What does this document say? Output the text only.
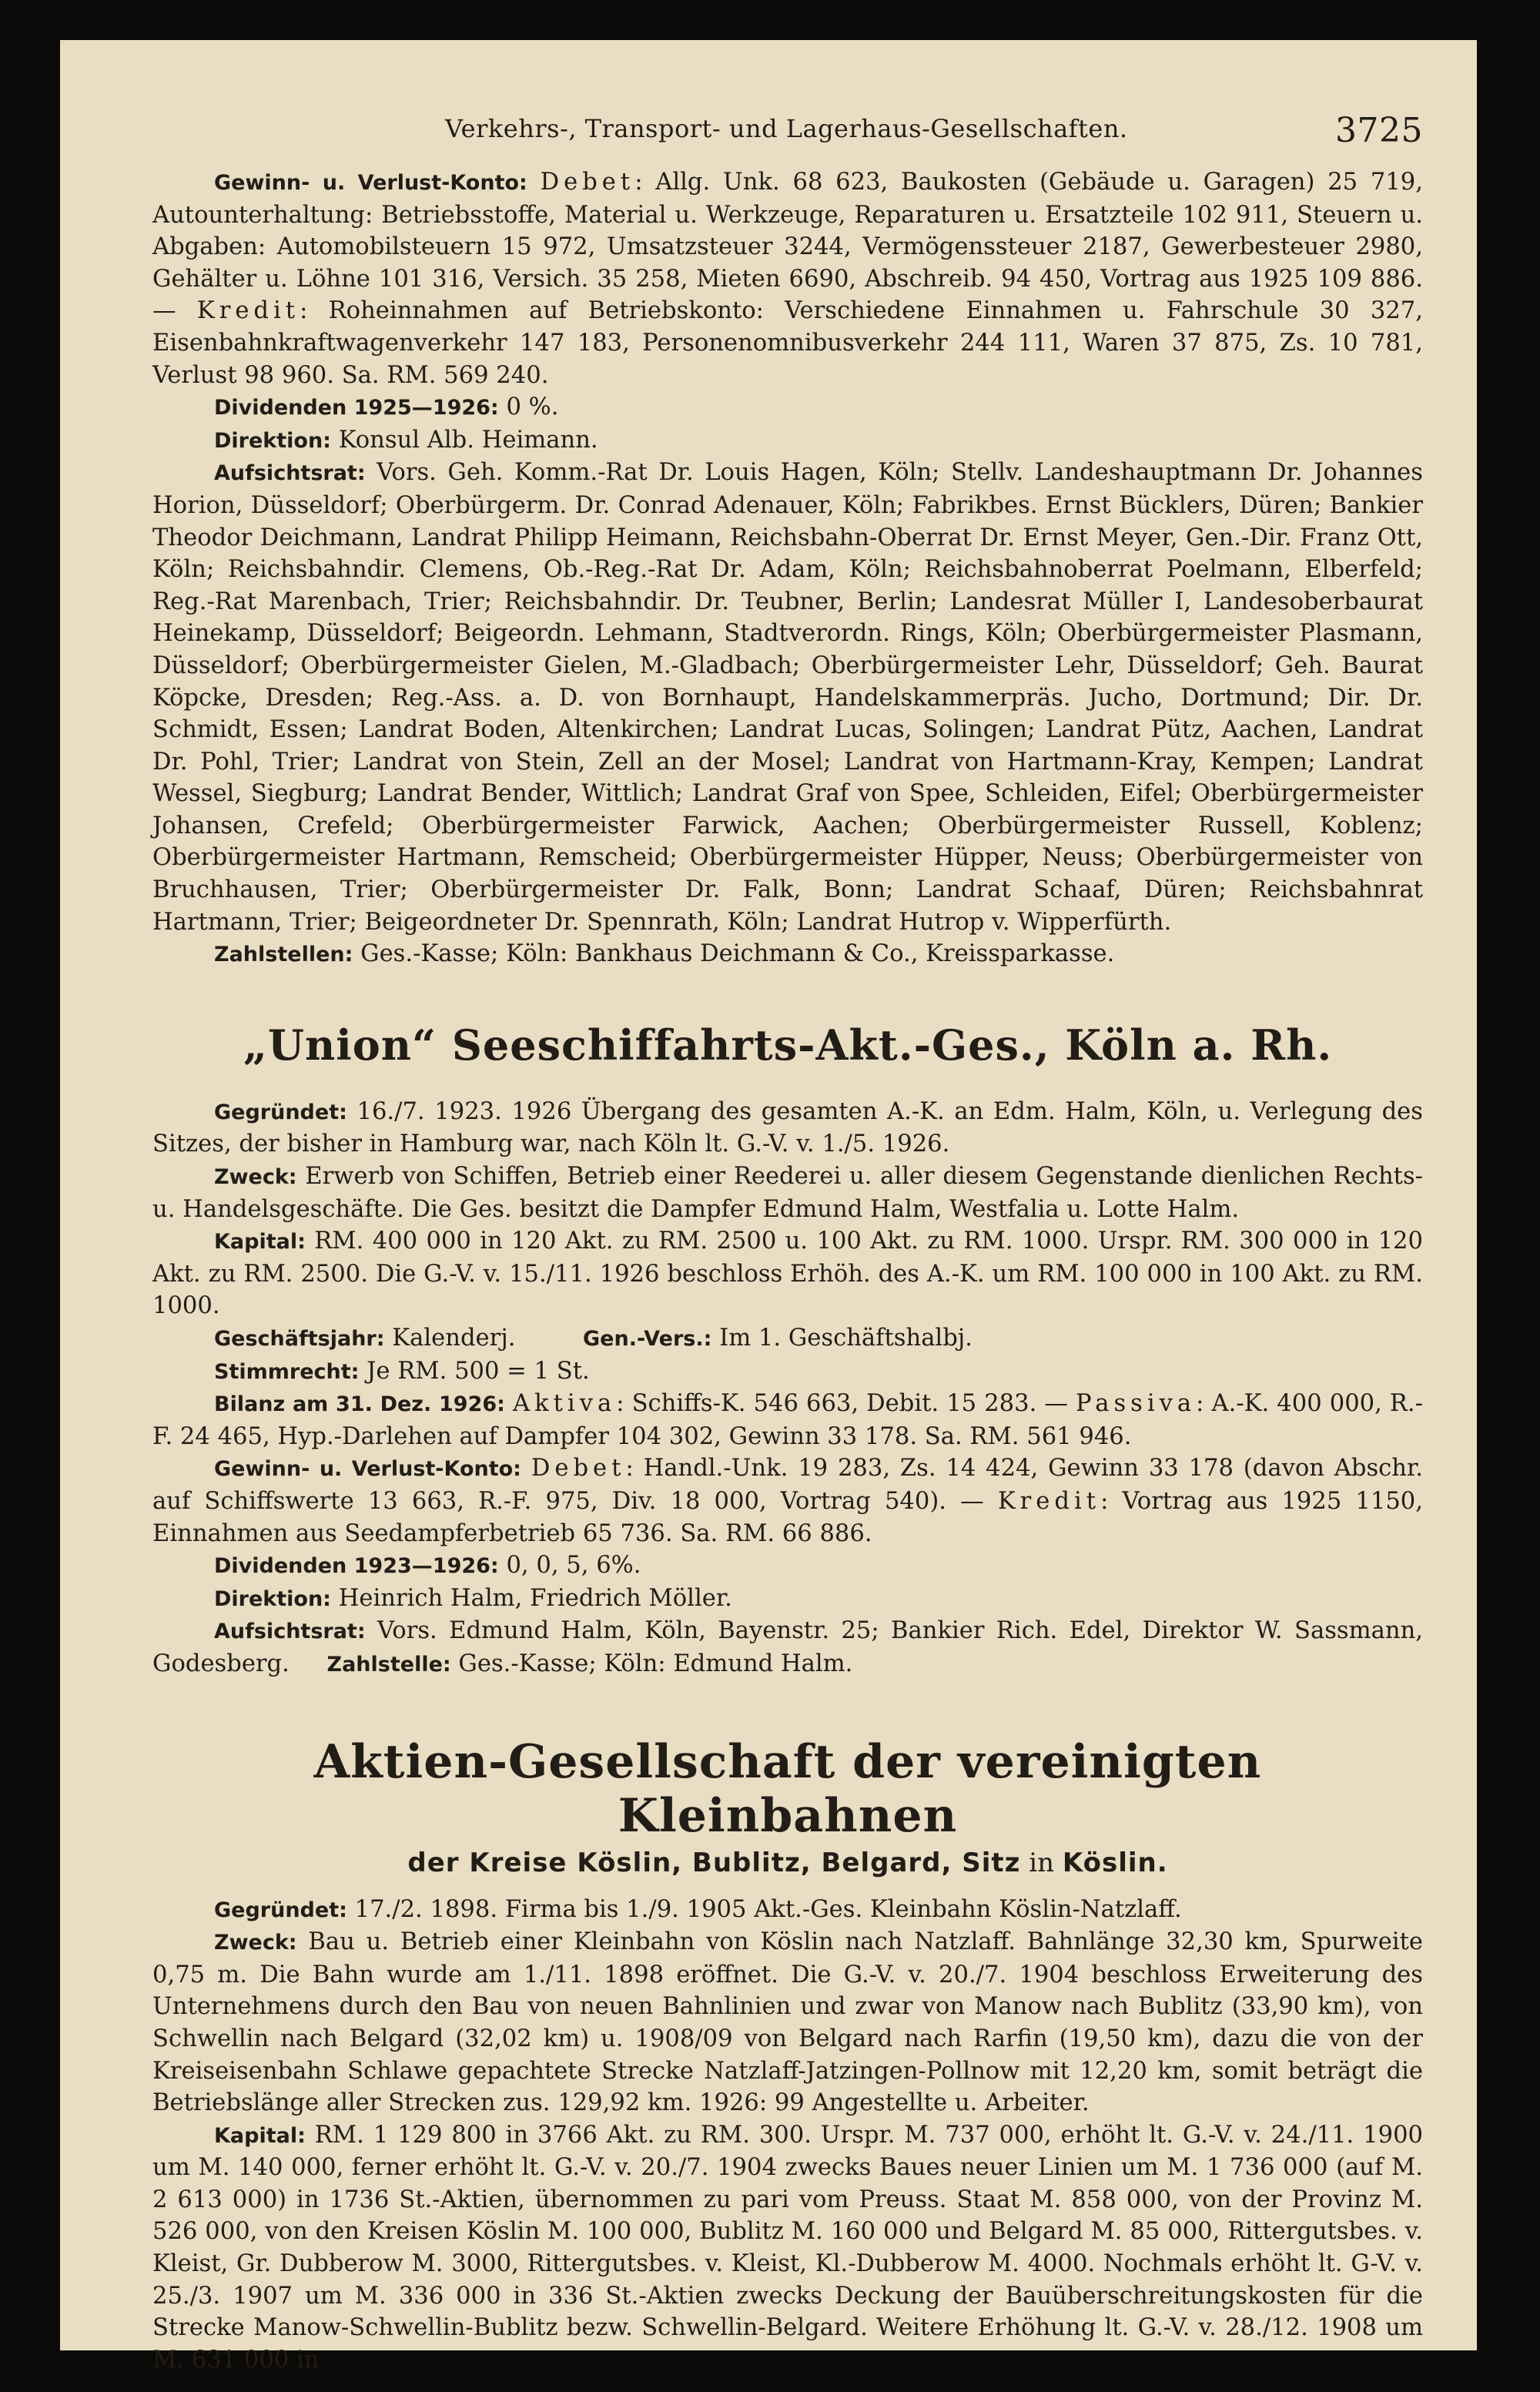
Verkehrs-, Transport- und Lagerhaus-Gesellschaften.	3725

Gewinn- u. Verlust-Konto: Debet: Allg. Unk. 68 623, Baukosten (Gebäude u. Garagen) 25 719, Autounterhaltung: Betriebsstoffe, Material u. Werkzeuge, Reparaturen u. Ersatzteile 102 911, Steuern u. Abgaben: Automobilsteuern 15 972, Umsatzsteuer 3244, Vermögenssteuer 2187, Gewerbesteuer 2980, Gehälter u. Löhne 101 316, Versich. 35 258, Mieten 6690, Abschreib. 94 450, Vortrag aus 1925 109 886. — Kredit: Roheinnahmen auf Betriebskonto: Verschiedene Einnahmen u. Fahrschule 30 327, Eisenbahnkraftwagenverkehr 147 183, Personenomnibusverkehr 244 111, Waren 37 875, Zs. 10 781, Verlust 98 960. Sa. RM. 569 240.

Dividenden 1925—1926: 0 %.

Direktion: Konsul Alb. Heimann.

Aufsichtsrat: Vors. Geh. Komm.-Rat Dr. Louis Hagen, Köln; Stellv. Landeshauptmann Dr. Johannes Horion, Düsseldorf; Oberbürgerm. Dr. Conrad Adenauer, Köln; Fabrikbes. Ernst Bücklers, Düren; Bankier Theodor Deichmann, Landrat Philipp Heimann, Reichsbahn-Oberrat Dr. Ernst Meyer, Gen.-Dir. Franz Ott, Köln; Reichsbahndir. Clemens, Ob.-Reg.-Rat Dr. Adam, Köln; Reichsbahnoberrat Poelmann, Elberfeld; Reg.-Rat Marenbach, Trier; Reichsbahndir. Dr. Teubner, Berlin; Landesrat Müller I, Landesoberbaurat Heinekamp, Düsseldorf; Beigeordn. Lehmann, Stadtverordn. Rings, Köln; Oberbürgermeister Plasmann, Düsseldorf; Oberbürgermeister Gielen, M.-Gladbach; Oberbürgermeister Lehr, Düsseldorf; Geh. Baurat Köpcke, Dresden; Reg.-Ass. a. D. von Bornhaupt, Handelskammerpräs. Jucho, Dortmund; Dir. Dr. Schmidt, Essen; Landrat Boden, Altenkirchen; Landrat Lucas, Solingen; Landrat Pütz, Aachen, Landrat Dr. Pohl, Trier; Landrat von Stein, Zell an der Mosel; Landrat von Hartmann-Kray, Kempen; Landrat Wessel, Siegburg; Landrat Bender, Wittlich; Landrat Graf von Spee, Schleiden, Eifel; Oberbürgermeister Johansen, Crefeld; Oberbürgermeister Farwick, Aachen; Oberbürgermeister Russell, Koblenz; Oberbürgermeister Hartmann, Remscheid; Oberbürgermeister Hüpper, Neuss; Oberbürgermeister von Bruchhausen, Trier; Oberbürgermeister Dr. Falk, Bonn; Landrat Schaaf, Düren; Reichsbahnrat Hartmann, Trier; Beigeordneter Dr. Spennrath, Köln; Landrat Hutrop v. Wipperfürth.

Zahlstellen: Ges.-Kasse; Köln: Bankhaus Deichmann & Co., Kreissparkasse.

„Union“ Seeschiffahrts-Akt.-Ges., Köln a. Rh.

Gegründet: 16./7. 1923. 1926 Übergang des gesamten A.-K. an Edm. Halm, Köln, u. Verlegung des Sitzes, der bisher in Hamburg war, nach Köln lt. G.-V. v. 1./5. 1926.

Zweck: Erwerb von Schiffen, Betrieb einer Reederei u. aller diesem Gegenstande dienlichen Rechts- u. Handelsgeschäfte. Die Ges. besitzt die Dampfer Edmund Halm, Westfalia u. Lotte Halm.

Kapital: RM. 400 000 in 120 Akt. zu RM. 2500 u. 100 Akt. zu RM. 1000. Urspr. RM. 300 000 in 120 Akt. zu RM. 2500. Die G.-V. v. 15./11. 1926 beschloss Erhöh. des A.-K. um RM. 100 000 in 100 Akt. zu RM. 1000.

Geschäftsjahr: Kalenderj.	Gen.-Vers.: Im 1. Geschäftshalbj.

Stimmrecht: Je RM. 500 = 1 St.

Bilanz am 31. Dez. 1926: Aktiva: Schiffs-K. 546 663, Debit. 15 283. — Passiva: A.-K. 400 000, R.-F. 24 465, Hyp.-Darlehen auf Dampfer 104 302, Gewinn 33 178. Sa. RM. 561 946.

Gewinn- u. Verlust-Konto: Debet: Handl.-Unk. 19 283, Zs. 14 424, Gewinn 33 178 (davon Abschr. auf Schiffswerte 13 663, R.-F. 975, Div. 18 000, Vortrag 540). — Kredit: Vortrag aus 1925 1150, Einnahmen aus Seedampferbetrieb 65 736. Sa. RM. 66 886.

Dividenden 1923—1926: 0, 0, 5, 6%.

Direktion: Heinrich Halm, Friedrich Möller.

Aufsichtsrat: Vors. Edmund Halm, Köln, Bayenstr. 25; Bankier Rich. Edel, Direktor W. Sassmann, Godesberg. Zahlstelle: Ges.-Kasse; Köln: Edmund Halm.

Aktien-Gesellschaft der vereinigten Kleinbahnen
der Kreise Köslin, Bublitz, Belgard, Sitz in Köslin.

Gegründet: 17./2. 1898. Firma bis 1./9. 1905 Akt.-Ges. Kleinbahn Köslin-Natzlaff.

Zweck: Bau u. Betrieb einer Kleinbahn von Köslin nach Natzlaff. Bahnlänge 32,30 km, Spurweite 0,75 m. Die Bahn wurde am 1./11. 1898 eröffnet. Die G.-V. v. 20./7. 1904 beschloss Erweiterung des Unternehmens durch den Bau von neuen Bahnlinien und zwar von Manow nach Bublitz (33,90 km), von Schwellin nach Belgard (32,02 km) u. 1908/09 von Belgard nach Rarfin (19,50 km), dazu die von der Kreiseisenbahn Schlawe gepachtete Strecke Natzlaff-Jatzingen-Pollnow mit 12,20 km, somit beträgt die Betriebslänge aller Strecken zus. 129,92 km. 1926: 99 Angestellte u. Arbeiter.

Kapital: RM. 1 129 800 in 3766 Akt. zu RM. 300. Urspr. M. 737 000, erhöht lt. G.-V. v. 24./11. 1900 um M. 140 000, ferner erhöht lt. G.-V. v. 20./7. 1904 zwecks Baues neuer Linien um M. 1 736 000 (auf M. 2 613 000) in 1736 St.-Aktien, übernommen zu pari vom Preuss. Staat M. 858 000, von der Provinz M. 526 000, von den Kreisen Köslin M. 100 000, Bublitz M. 160 000 und Belgard M. 85 000, Rittergutsbes. v. Kleist, Gr. Dubberow M. 3000, Rittergutsbes. v. Kleist, Kl.-Dubberow M. 4000. Nochmals erhöht lt. G-V. v. 25./3. 1907 um M. 336 000 in 336 St.-Aktien zwecks Deckung der Bauüberschreitungskosten für die Strecke Manow-Schwellin-Bublitz bezw. Schwellin-Belgard. Weitere Erhöhung lt. G.-V. v. 28./12. 1908 um M. 631 000 in
